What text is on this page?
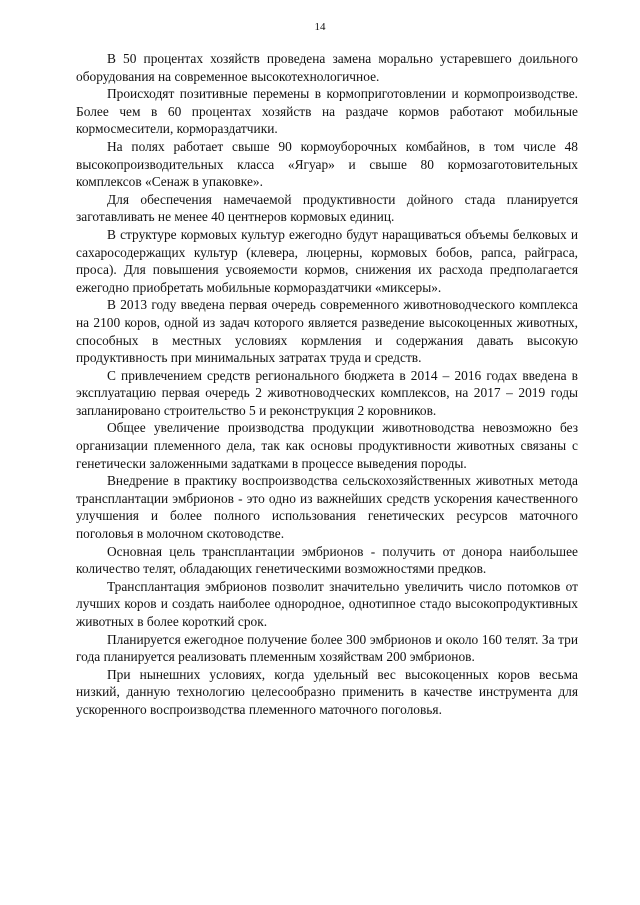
14

В 50 процентах хозяйств проведена замена морально устаревшего доильного оборудования на современное высокотехнологичное.

Происходят позитивные перемены в кормоприготовлении и кормопроизводстве. Более чем в 60 процентах хозяйств на раздаче кормов работают мобильные кормосмесители, кормораздатчики.

На полях работает свыше 90 кормоуборочных комбайнов, в том числе 48 высокопроизводительных класса «Ягуар» и свыше 80 кормозаготовительных комплексов «Сенаж в упаковке».

Для обеспечения намечаемой продуктивности дойного стада планируется заготавливать не менее 40 центнеров кормовых единиц.

В структуре кормовых культур ежегодно будут наращиваться объемы белковых и сахаросодержащих культур (клевера, люцерны, кормовых бобов, рапса, райграса, проса). Для повышения усвояемости кормов, снижения их расхода предполагается ежегодно приобретать мобильные кормораздатчики «миксеры».

В 2013 году введена первая очередь современного животноводческого комплекса на 2100 коров, одной из задач которого является разведение высокоценных животных, способных в местных условиях кормления и содержания давать высокую продуктивность при минимальных затратах труда и средств.

С привлечением средств регионального бюджета в 2014 – 2016 годах введена в эксплуатацию первая очередь 2 животноводческих комплексов, на 2017 – 2019 годы запланировано строительство 5 и реконструкция 2 коровников.

Общее увеличение производства продукции животноводства невозможно без организации племенного дела, так как основы продуктивности животных связаны с генетически заложенными задатками в процессе выведения породы.

Внедрение в практику воспроизводства сельскохозяйственных животных метода трансплантации эмбрионов - это одно из важнейших средств ускорения качественного улучшения и более полного использования генетических ресурсов маточного поголовья в молочном скотоводстве.

Основная цель трансплантации эмбрионов - получить от донора наибольшее количество телят, обладающих генетическими возможностями предков.

Трансплантация эмбрионов позволит значительно увеличить число потомков от лучших коров и создать наиболее однородное, однотипное стадо высокопродуктивных животных в более короткий срок.

Планируется ежегодное получение более 300 эмбрионов и около 160 телят. За три года планируется реализовать племенным хозяйствам 200 эмбрионов.

При нынешних условиях, когда удельный вес высокоценных коров весьма низкий, данную технологию целесообразно применить в качестве инструмента для ускоренного воспроизводства племенного маточного поголовья.
